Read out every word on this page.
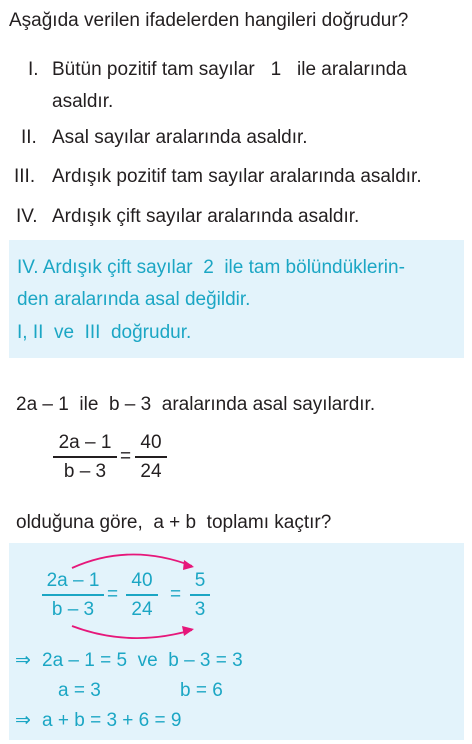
Aşağıda verilen ifadelerden hangileri doğrudur?
I. Bütün pozitif tam sayılar   1   ile aralarında
asaldır.
II. Asal sayılar aralarında asaldır.
III. Ardışık pozitif tam sayılar aralarında asaldır.
IV. Ardışık çift sayılar aralarında asaldır.
IV. Ardışık çift sayılar  2  ile tam bölündüklerin-
den aralarında asal değildir.
I, II  ve  III  doğrudur.
2a – 1  ile  b – 3  aralarında asal sayılardır.
2a – 1
b – 3
=
40
24
olduğuna göre,  a + b  toplamı kaçtır?
2a – 1
b – 3
=
40
24
=
5
3
⇒ 2a – 1 = 5  ve  b – 3 = 3
a = 3	b = 6
⇒ a + b = 3 + 6 = 9
